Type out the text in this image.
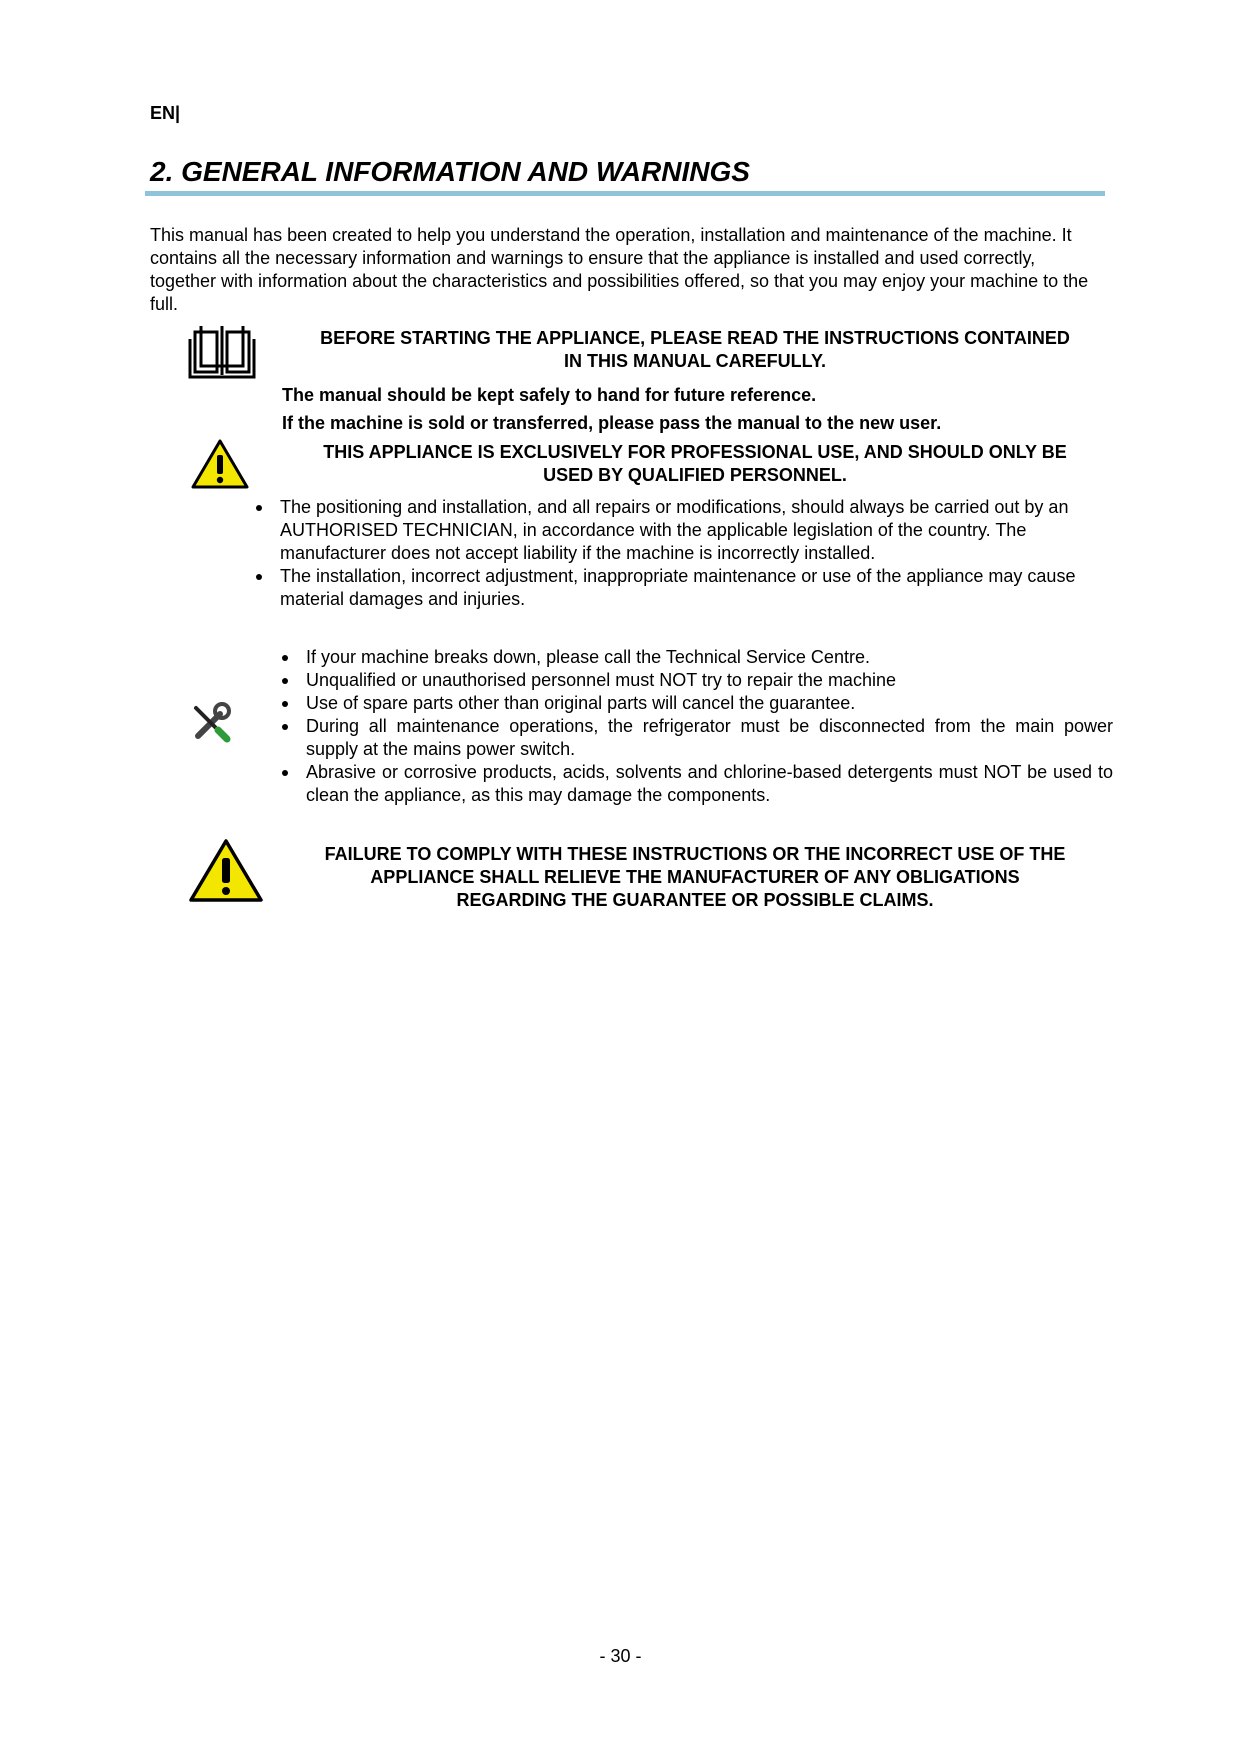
EN|
2. GENERAL INFORMATION AND WARNINGS

This manual has been created to help you understand the operation, installation and maintenance of the machine. It contains all the necessary information and warnings to ensure that the appliance is installed and used correctly, together with information about the characteristics and possibilities offered, so that you may enjoy your machine to the full.

BEFORE STARTING THE APPLIANCE, PLEASE READ THE INSTRUCTIONS CONTAINED

IN THIS MANUAL CAREFULLY.

The manual should be kept safely to hand for future reference.

If the machine is sold or transferred, please pass the manual to the new user.

THIS APPLIANCE IS EXCLUSIVELY FOR PROFESSIONAL USE, AND SHOULD ONLY BE

USED BY QUALIFIED PERSONNEL.

The positioning and installation, and all repairs or modifications, should always be carried out by an AUTHORISED TECHNICIAN, in accordance with the applicable legislation of the country. The manufacturer does not accept liability if the machine is incorrectly installed.
The installation, incorrect adjustment, inappropriate maintenance or use of the appliance may cause material damages and injuries.
If your machine breaks down, please call the Technical Service Centre.
Unqualified or unauthorised personnel must NOT try to repair the machine
Use of spare parts other than original parts will cancel the guarantee.
During all maintenance operations, the refrigerator must be disconnected from the main power supply at the mains power switch.
Abrasive or corrosive products, acids, solvents and chlorine-based detergents must NOT be used to clean the appliance, as this may damage the components.

FAILURE TO COMPLY WITH THESE INSTRUCTIONS OR THE INCORRECT USE OF THE

APPLIANCE SHALL RELIEVE THE MANUFACTURER OF ANY OBLIGATIONS

REGARDING THE GUARANTEE OR POSSIBLE CLAIMS.

- 30 -
